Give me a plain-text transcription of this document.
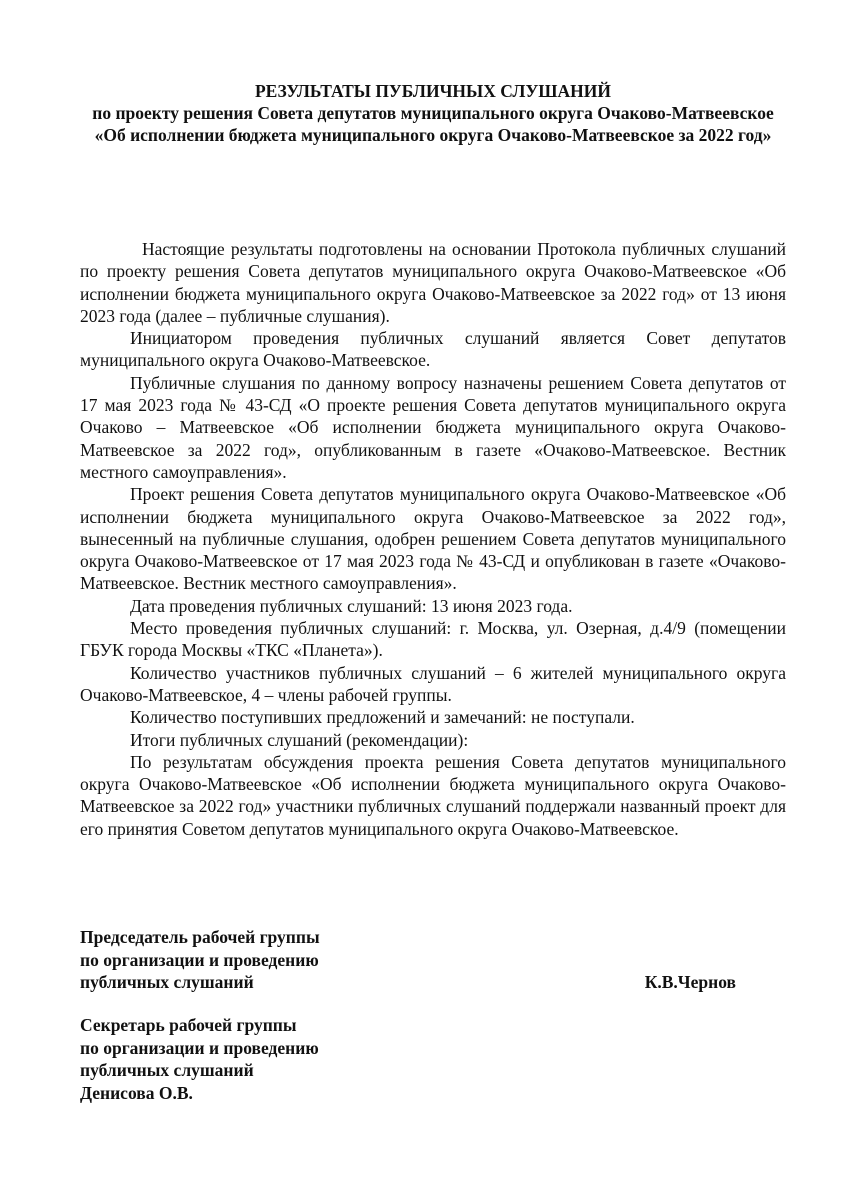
РЕЗУЛЬТАТЫ ПУБЛИЧНЫХ СЛУШАНИЙ
по проекту решения Совета депутатов муниципального округа Очаково-Матвеевское «Об исполнении бюджета муниципального округа Очаково-Матвеевское за 2022 год»

Настоящие результаты подготовлены на основании Протокола публичных слушаний по проекту решения Совета депутатов муниципального округа Очаково-Матвеевское «Об исполнении бюджета муниципального округа Очаково-Матвеевское за 2022 год» от 13 июня 2023 года (далее – публичные слушания).

Инициатором проведения публичных слушаний является Совет депутатов муниципального округа Очаково-Матвеевское.

Публичные слушания по данному вопросу назначены решением Совета депутатов от 17 мая 2023 года № 43-СД «О проекте решения Совета депутатов муниципального округа Очаково – Матвеевское «Об исполнении бюджета муниципального округа Очаково-Матвеевское за 2022 год», опубликованным в газете «Очаково-Матвеевское. Вестник местного самоуправления».

Проект решения Совета депутатов муниципального округа Очаково-Матвеевское «Об исполнении бюджета муниципального округа Очаково-Матвеевское за 2022 год», вынесенный на публичные слушания, одобрен решением Совета депутатов муниципального округа Очаково-Матвеевское от 17 мая 2023 года № 43-СД и опубликован в газете «Очаково-Матвеевское. Вестник местного самоуправления».

Дата проведения публичных слушаний: 13 июня 2023 года.

Место проведения публичных слушаний: г. Москва, ул. Озерная, д.4/9 (помещении ГБУК города Москвы «ТКС «Планета»).

Количество участников публичных слушаний – 6 жителей муниципального округа Очаково-Матвеевское, 4 – члены рабочей группы.

Количество поступивших предложений и замечаний: не поступали.

Итоги публичных слушаний (рекомендации):

По результатам обсуждения проекта решения Совета депутатов муниципального округа Очаково-Матвеевское «Об исполнении бюджета муниципального округа Очаково-Матвеевское за 2022 год» участники публичных слушаний поддержали названный проект для его принятия Советом депутатов муниципального округа Очаково-Матвеевское.

Председатель рабочей группы
по организации и проведению
публичных слушаний	К.В.Чернов
Секретарь рабочей группы
по организации и проведению
публичных слушаний
Денисова О.В.
